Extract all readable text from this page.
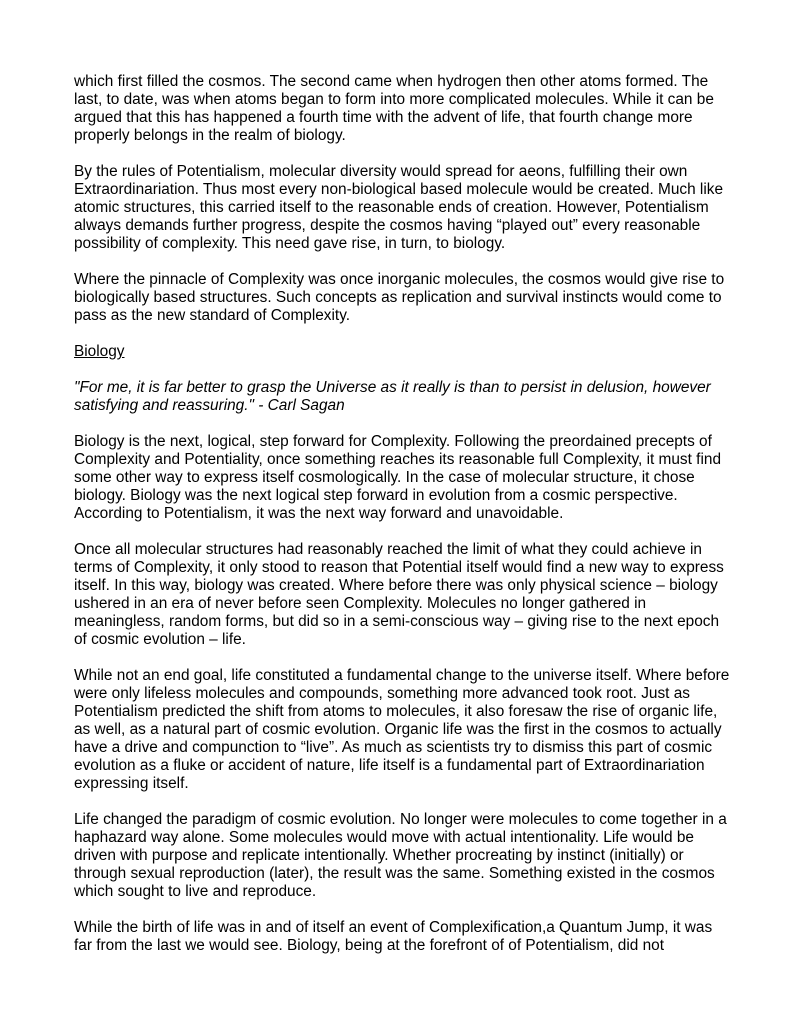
which first filled the cosmos. The second came when hydrogen then other atoms formed. The last, to date, was when atoms began to form into more complicated molecules. While it can be argued that this has happened a fourth time with the advent of life, that fourth change more properly belongs in the realm of biology.

By the rules of Potentialism, molecular diversity would spread for aeons, fulfilling their own Extraordinariation. Thus most every non-biological based molecule would be created. Much like atomic structures, this carried itself to the reasonable ends of creation. However, Potentialism always demands further progress, despite the cosmos having “played out” every reasonable possibility of complexity. This need gave rise, in turn, to biology.

Where the pinnacle of Complexity was once inorganic molecules, the cosmos would give rise to biologically based structures. Such concepts as replication and survival instincts would come to pass as the new standard of Complexity.

Biology

"For me, it is far better to grasp the Universe as it really is than to persist in delusion, however satisfying and reassuring." - Carl Sagan

Biology is the next, logical, step forward for Complexity. Following the preordained precepts of Complexity and Potentiality, once something reaches its reasonable full Complexity, it must find some other way to express itself cosmologically. In the case of molecular structure, it chose biology. Biology was the next logical step forward in evolution from a cosmic perspective. According to Potentialism, it was the next way forward and unavoidable.

Once all molecular structures had reasonably reached the limit of what they could achieve in terms of Complexity, it only stood to reason that Potential itself would find a new way to express itself. In this way, biology was created. Where before there was only physical science – biology ushered in an era of never before seen Complexity. Molecules no longer gathered in meaningless, random forms, but did so in a semi-conscious way – giving rise to the next epoch of cosmic evolution – life.

While not an end goal, life constituted a fundamental change to the universe itself. Where before were only lifeless molecules and compounds, something more advanced took root. Just as Potentialism predicted the shift from atoms to molecules, it also foresaw the rise of organic life, as well, as a natural part of cosmic evolution. Organic life was the first in the cosmos to actually have a drive and compunction to “live”. As much as scientists try to dismiss this part of cosmic evolution as a fluke or accident of nature, life itself is a fundamental part of Extraordinariation expressing itself.

Life changed the paradigm of cosmic evolution. No longer were molecules to come together in a haphazard way alone. Some molecules would move with actual intentionality. Life would be driven with purpose and replicate intentionally. Whether procreating by instinct (initially) or through sexual reproduction (later), the result was the same. Something existed in the cosmos which sought to live and reproduce.

While the birth of life was in and of itself an event of Complexification,a Quantum Jump, it was far from the last we would see. Biology, being at the forefront of of Potentialism, did not
